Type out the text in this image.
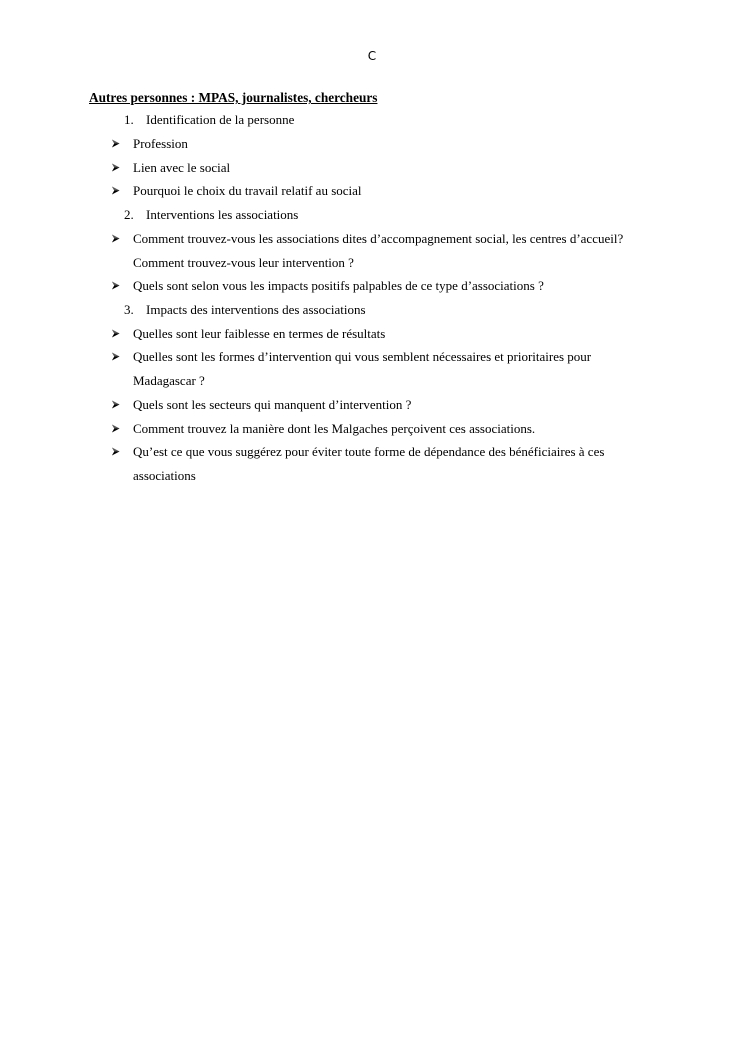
C
Autres personnes : MPAS, journalistes, chercheurs
1. Identification de la personne
Profession
Lien avec le social
Pourquoi le choix du travail relatif au social
2. Interventions les associations
Comment trouvez-vous les associations dites d’accompagnement social, les centres d’accueil?
Comment trouvez-vous leur intervention ?
Quels sont selon vous les impacts positifs palpables de ce type d’associations ?
3. Impacts des interventions des associations
Quelles sont leur faiblesse en termes de résultats
Quelles sont les formes d’intervention qui vous semblent nécessaires et prioritaires pour
Madagascar ?
Quels sont les secteurs qui manquent d’intervention ?
Comment trouvez la manière dont les Malgaches perçoivent ces associations.
Qu’est ce que vous suggérez pour éviter toute forme de dépendance des bénéficiaires à ces
associations
